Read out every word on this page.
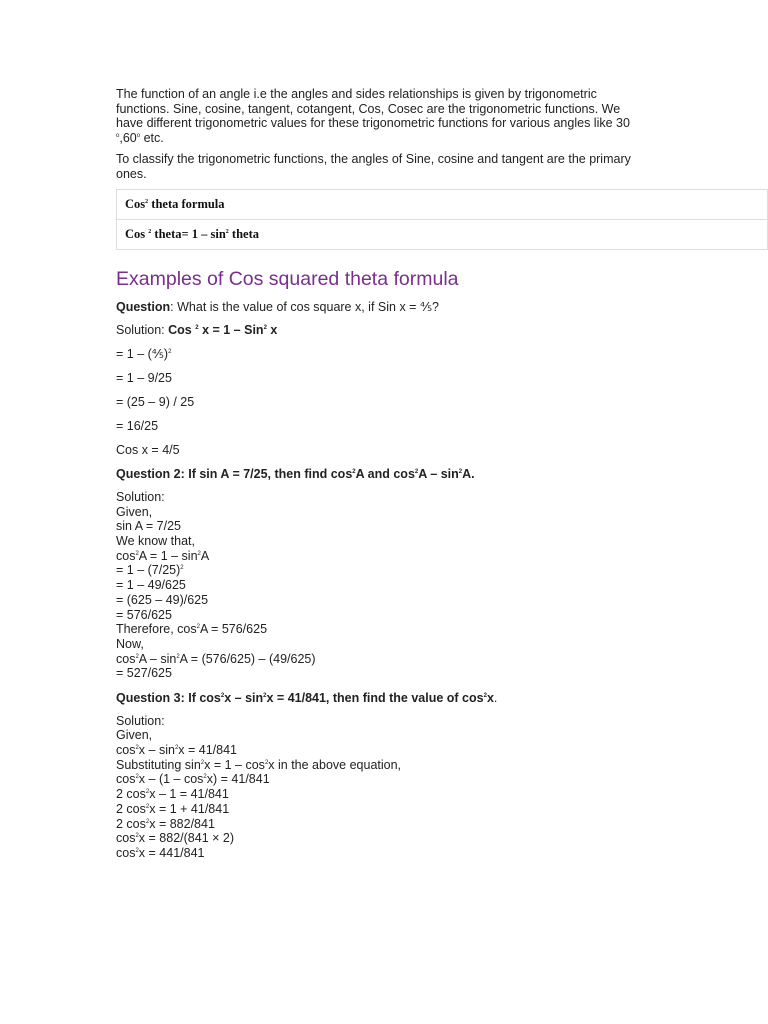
The function of an angle i.e the angles and sides relationships is given by trigonometric functions. Sine, cosine, tangent, cotangent, Cos, Cosec are the trigonometric functions. We have different trigonometric values for these trigonometric functions for various angles like 30 $^o$,60$^o$ etc.

To classify the trigonometric functions, the angles of Sine, cosine and tangent are the primary ones.

Cos$^2$ theta formula
Cos $^2$ theta= $1 - \sin^2$ theta
Examples of Cos squared theta formula

Question: What is the value of cos square x, if Sin x = ⅘?

Solution: Cos $^2$ x = 1 – Sin$^2$ x

= 1 – (⅘)$^2$

= 1 – 9/25

= (25 – 9) / 25

= 16/25

Cos x = 4/5

Question 2: If sin A = 7/25, then find $\cos^2A$ and $\cos^2A - \sin^2A$.

Solution:

Given,

sin A = 7/25

We know that,

$\cos^2A = 1 - \sin^2A$

= $1 - (7/25)^2$

= 1 – 49/625

= (625 – 49)/625

= 576/625

Therefore, $\cos^2A = 576/625$

Now,

$\cos^2A - \sin^2A = (576/625) - (49/625)$

= 527/625

Question 3: If $\cos^2x - \sin^2x = 41/841$, then find the value of $\cos^2x$.

Solution:

Given,

$\cos^2x - \sin^2x = 41/841$

Substituting $\sin^2x = 1 - \cos^2x$ in the above equation,

$\cos^2x - (1 - \cos^2x) = 41/841$

2 $\cos^2x - 1 = 41/841$

2 $\cos^2x = 1 + 41/841$

2 $\cos^2x = 882/841$

$\cos^2x = 882/(841 \times 2)$

$\cos^2x = 441/841$
